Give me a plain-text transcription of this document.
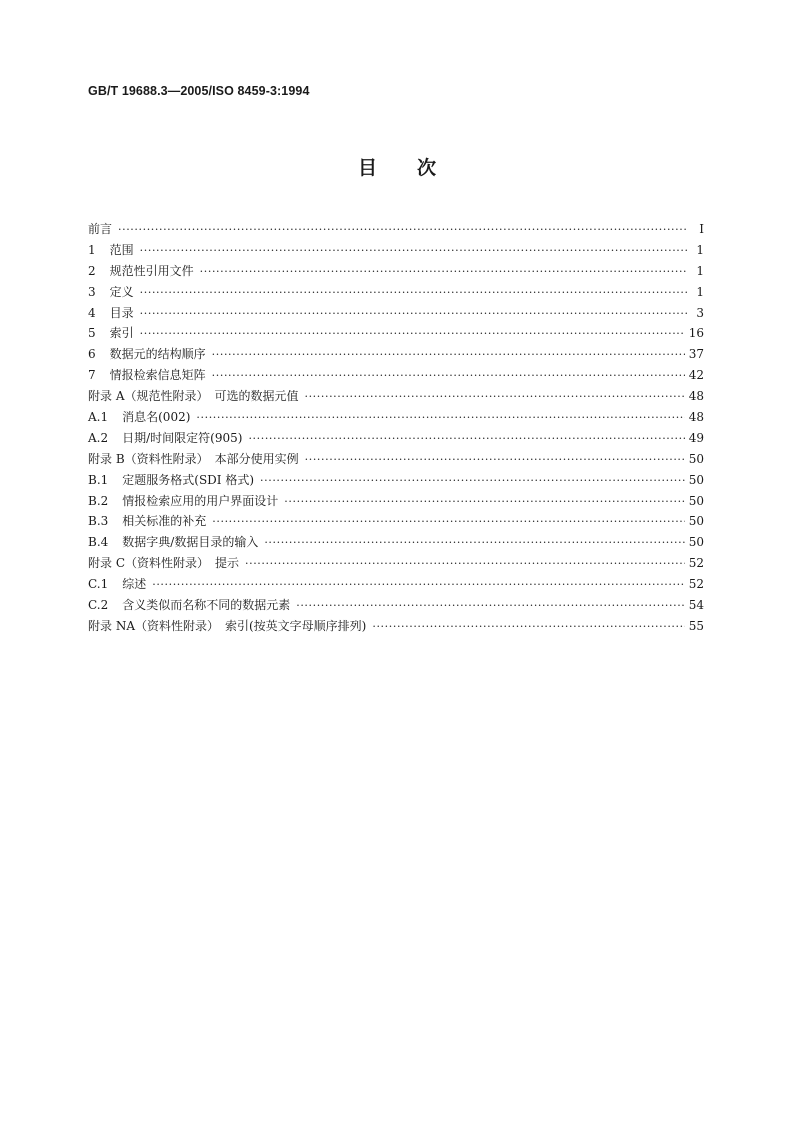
GB/T 19688.3—2005/ISO 8459-3:1994
目 次
前言 ·····	I
1 范围 ·····	1
2 规范性引用文件 ·····	1
3 定义 ·····	1
4 目录 ·····	3
5 索引 ·····	16
6 数据元的结构顺序 ·····	37
7 情报检索信息矩阵 ·····	42
附录 A（规范性附录）　可选的数据元值 ·····	48
A.1 消息名(002) ·····	48
A.2 日期/时间限定符(905) ·····	49
附录 B（资料性附录）　本部分使用实例 ·····	50
B.1 定题服务格式(SDI 格式) ·····	50
B.2 情报检索应用的用户界面设计 ·····	50
B.3 相关标准的补充 ·····	50
B.4 数据字典/数据目录的输入 ·····	50
附录 C（资料性附录）　提示 ·····	52
C.1 综述 ·····	52
C.2 含义类似而名称不同的数据元素 ·····	54
附录 NA（资料性附录）　索引(按英文字母顺序排列) ·····	55
